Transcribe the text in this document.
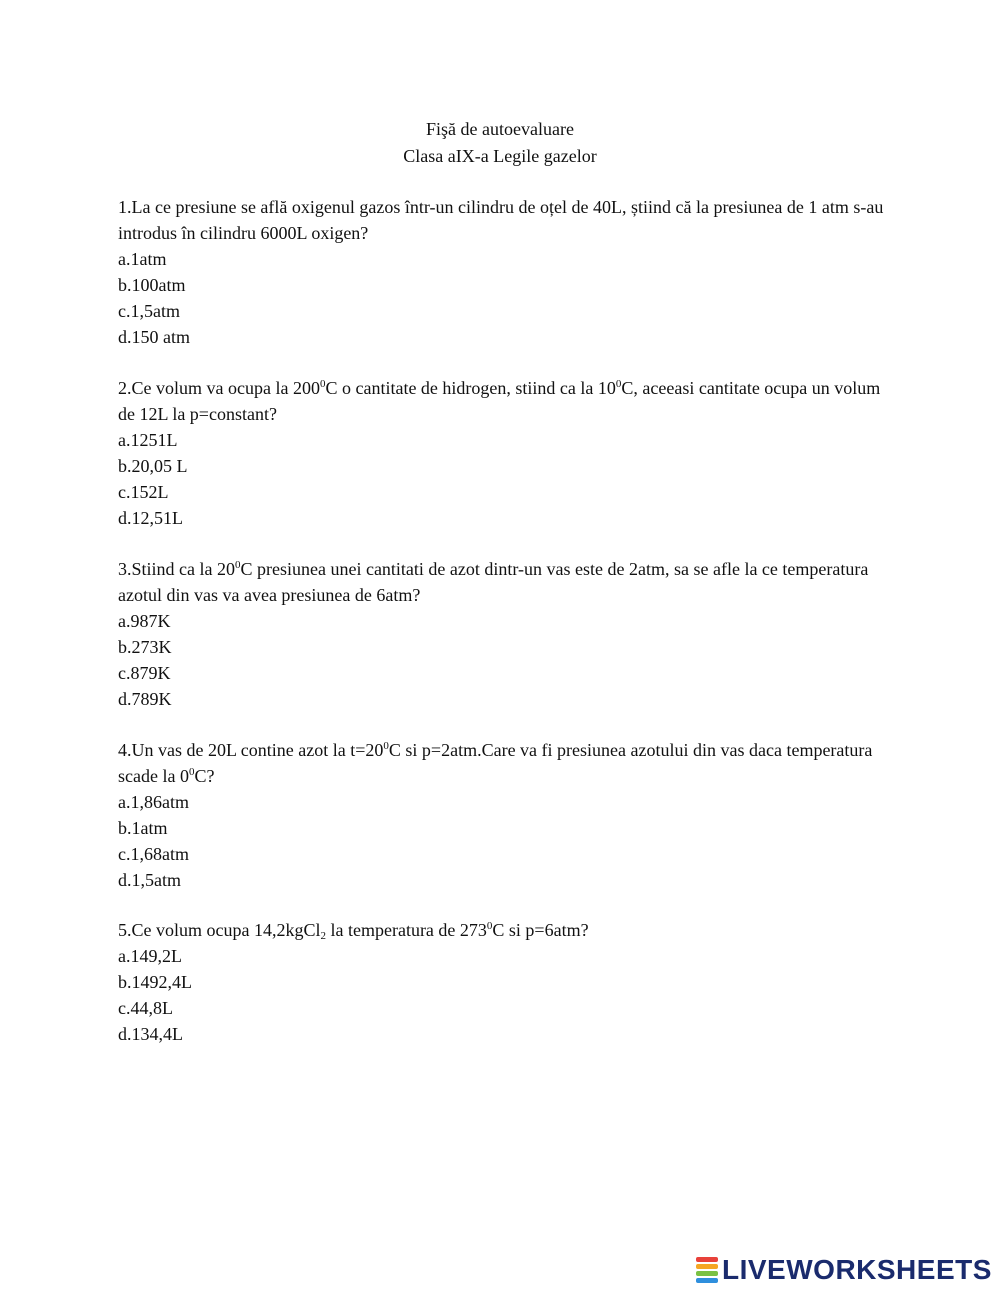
Fişă de autoevaluare
Clasa aIX-a Legile gazelor

1.La ce presiune se află oxigenul gazos într-un cilindru de oțel de 40L, știind că la presiunea de 1 atm s-au introdus în cilindru 6000L oxigen?

a.1atm

b.100atm

c.1,5atm

d.150 atm

2.Ce volum va ocupa la $200^0C$ o cantitate de hidrogen, stiind ca la $10^0C$, aceeasi cantitate ocupa un volum de 12L la p=constant?

a.1251L

b.20,05 L

c.152L

d.12,51L

3.Stiind ca la $20^0C$ presiunea unei cantitati de azot dintr-un vas este de 2atm, sa se afle la ce temperatura azotul din vas va avea presiunea de 6atm?

a.987K

b.273K

c.879K

d.789K

4.Un vas de 20L contine azot la $t=20^0C$ si p=2atm.Care va fi presiunea azotului din vas daca temperatura scade la $0^0C$?

a.1,86atm

b.1atm

c.1,68atm

d.1,5atm

5.Ce volum ocupa 14,2kgCl$_2$ la temperatura de $273^0C$ si p=6atm?

a.149,2L

b.1492,4L

c.44,8L

d.134,4L

LIVEWORKSHEETS
